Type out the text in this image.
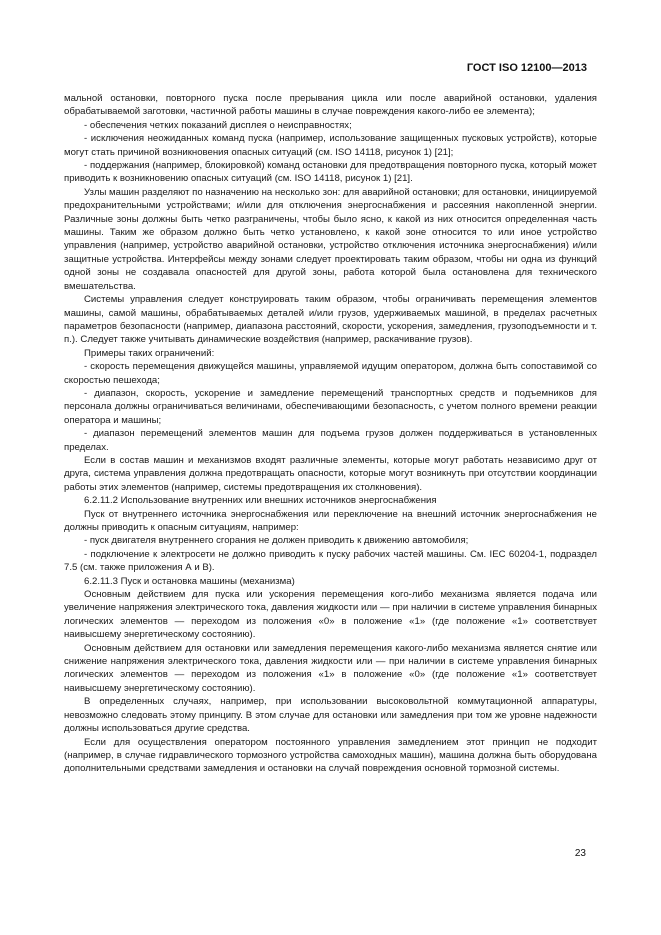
ГОСТ ISO 12100—2013

мальной остановки, повторного пуска после прерывания цикла или после аварийной остановки, удаления обрабатываемой заготовки, частичной работы машины в случае повреждения какого-либо ее элемента);

- обеспечения четких показаний дисплея о неисправностях;

- исключения неожиданных команд пуска (например, использование защищенных пусковых устройств), которые могут стать причиной возникновения опасных ситуаций (см. ISO 14118, рисунок 1) [21];

- поддержания (например, блокировкой) команд остановки для предотвращения повторного пуска, который может приводить к возникновению опасных ситуаций (см. ISO 14118, рисунок 1) [21].

Узлы машин разделяют по назначению на несколько зон: для аварийной остановки; для остановки, инициируемой предохранительными устройствами; и/или для отключения энергоснабжения и рассеяния накопленной энергии. Различные зоны должны быть четко разграничены, чтобы было ясно, к какой из них относится определенная часть машины. Таким же образом должно быть четко установлено, к какой зоне относится то или иное устройство управления (например, устройство аварийной остановки, устройство отключения источника энергоснабжения) и/или защитные устройства. Интерфейсы между зонами следует проектировать таким образом, чтобы ни одна из функций одной зоны не создавала опасностей для другой зоны, работа которой была остановлена для технического вмешательства.

Системы управления следует конструировать таким образом, чтобы ограничивать перемещения элементов машины, самой машины, обрабатываемых деталей и/или грузов, удерживаемых машиной, в пределах расчетных параметров безопасности (например, диапазона расстояний, скорости, ускорения, замедления, грузоподъемности и т. п.). Следует также учитывать динамические воздействия (например, раскачивание грузов).

Примеры таких ограничений:

- скорость перемещения движущейся машины, управляемой идущим оператором, должна быть сопоставимой со скоростью пешехода;

- диапазон, скорость, ускорение и замедление перемещений транспортных средств и подъемников для персонала должны ограничиваться величинами, обеспечивающими безопасность, с учетом полного времени реакции оператора и машины;

- диапазон перемещений элементов машин для подъема грузов должен поддерживаться в установленных пределах.

Если в состав машин и механизмов входят различные элементы, которые могут работать независимо друг от друга, система управления должна предотвращать опасности, которые могут возникнуть при отсутствии координации работы этих элементов (например, системы предотвращения их столкновения).

6.2.11.2 Использование внутренних или внешних источников энергоснабжения

Пуск от внутреннего источника энергоснабжения или переключение на внешний источник энергоснабжения не должны приводить к опасным ситуациям, например:

- пуск двигателя внутреннего сгорания не должен приводить к движению автомобиля;

- подключение к электросети не должно приводить к пуску рабочих частей машины. См. IEC 60204-1, подраздел 7.5 (см. также приложения А и В).

6.2.11.3 Пуск и остановка машины (механизма)

Основным действием для пуска или ускорения перемещения кого-либо механизма является подача или увеличение напряжения электрического тока, давления жидкости или — при наличии в системе управления бинарных логических элементов — переходом из положения «0» в положение «1» (где положение «1» соответствует наивысшему энергетическому состоянию).

Основным действием для остановки или замедления перемещения какого-либо механизма является снятие или снижение напряжения электрического тока, давления жидкости или — при наличии в системе управления бинарных логических элементов — переходом из положения «1» в положение «0» (где положение «1» соответствует наивысшему энергетическому состоянию).

В определенных случаях, например, при использовании высоковольтной коммутационной аппаратуры, невозможно следовать этому принципу. В этом случае для остановки или замедления при том же уровне надежности должны использоваться другие средства.

Если для осуществления оператором постоянного управления замедлением этот принцип не подходит (например, в случае гидравлического тормозного устройства самоходных машин), машина должна быть оборудована дополнительными средствами замедления и остановки на случай повреждения основной тормозной системы.

23
